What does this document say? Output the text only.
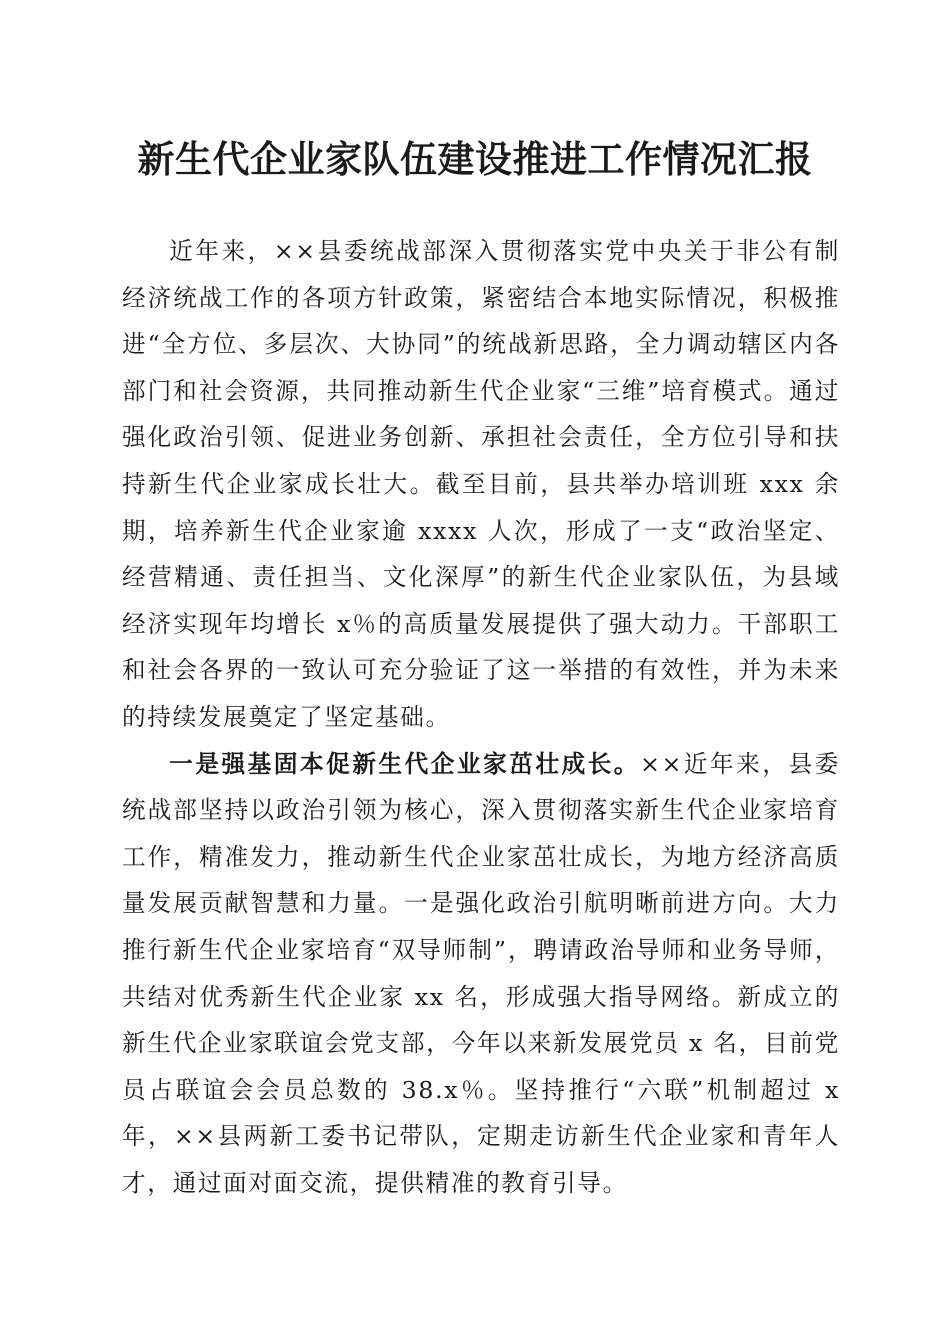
新生代企业家队伍建设推进工作情况汇报

近年来，××县委统战部深入贯彻落实党中央关于非公有制经济统战工作的各项方针政策，紧密结合本地实际情况，积极推进“全方位、多层次、大协同”的统战新思路，全力调动辖区内各部门和社会资源，共同推动新生代企业家“三维”培育模式。通过强化政治引领、促进业务创新、承担社会责任，全方位引导和扶持新生代企业家成长壮大。截至目前，县共举办培训班 xxx 余期，培养新生代企业家逾 xxxx 人次，形成了一支“政治坚定、经营精通、责任担当、文化深厚”的新生代企业家队伍，为县域经济实现年均增长 x％的高质量发展提供了强大动力。干部职工和社会各界的一致认可充分验证了这一举措的有效性，并为未来的持续发展奠定了坚定基础。

一是强基固本促新生代企业家茁壮成长。××近年来，县委统战部坚持以政治引领为核心，深入贯彻落实新生代企业家培育工作，精准发力，推动新生代企业家茁壮成长，为地方经济高质量发展贡献智慧和力量。一是强化政治引航明晰前进方向。大力推行新生代企业家培育“双导师制”，聘请政治导师和业务导师，共结对优秀新生代企业家 xx 名，形成强大指导网络。新成立的新生代企业家联谊会党支部，今年以来新发展党员 x 名，目前党员占联谊会会员总数的 38.x％。坚持推行“六联”机制超过 x 年，××县两新工委书记带队，定期走访新生代企业家和青年人才，通过面对面交流，提供精准的教育引导。
